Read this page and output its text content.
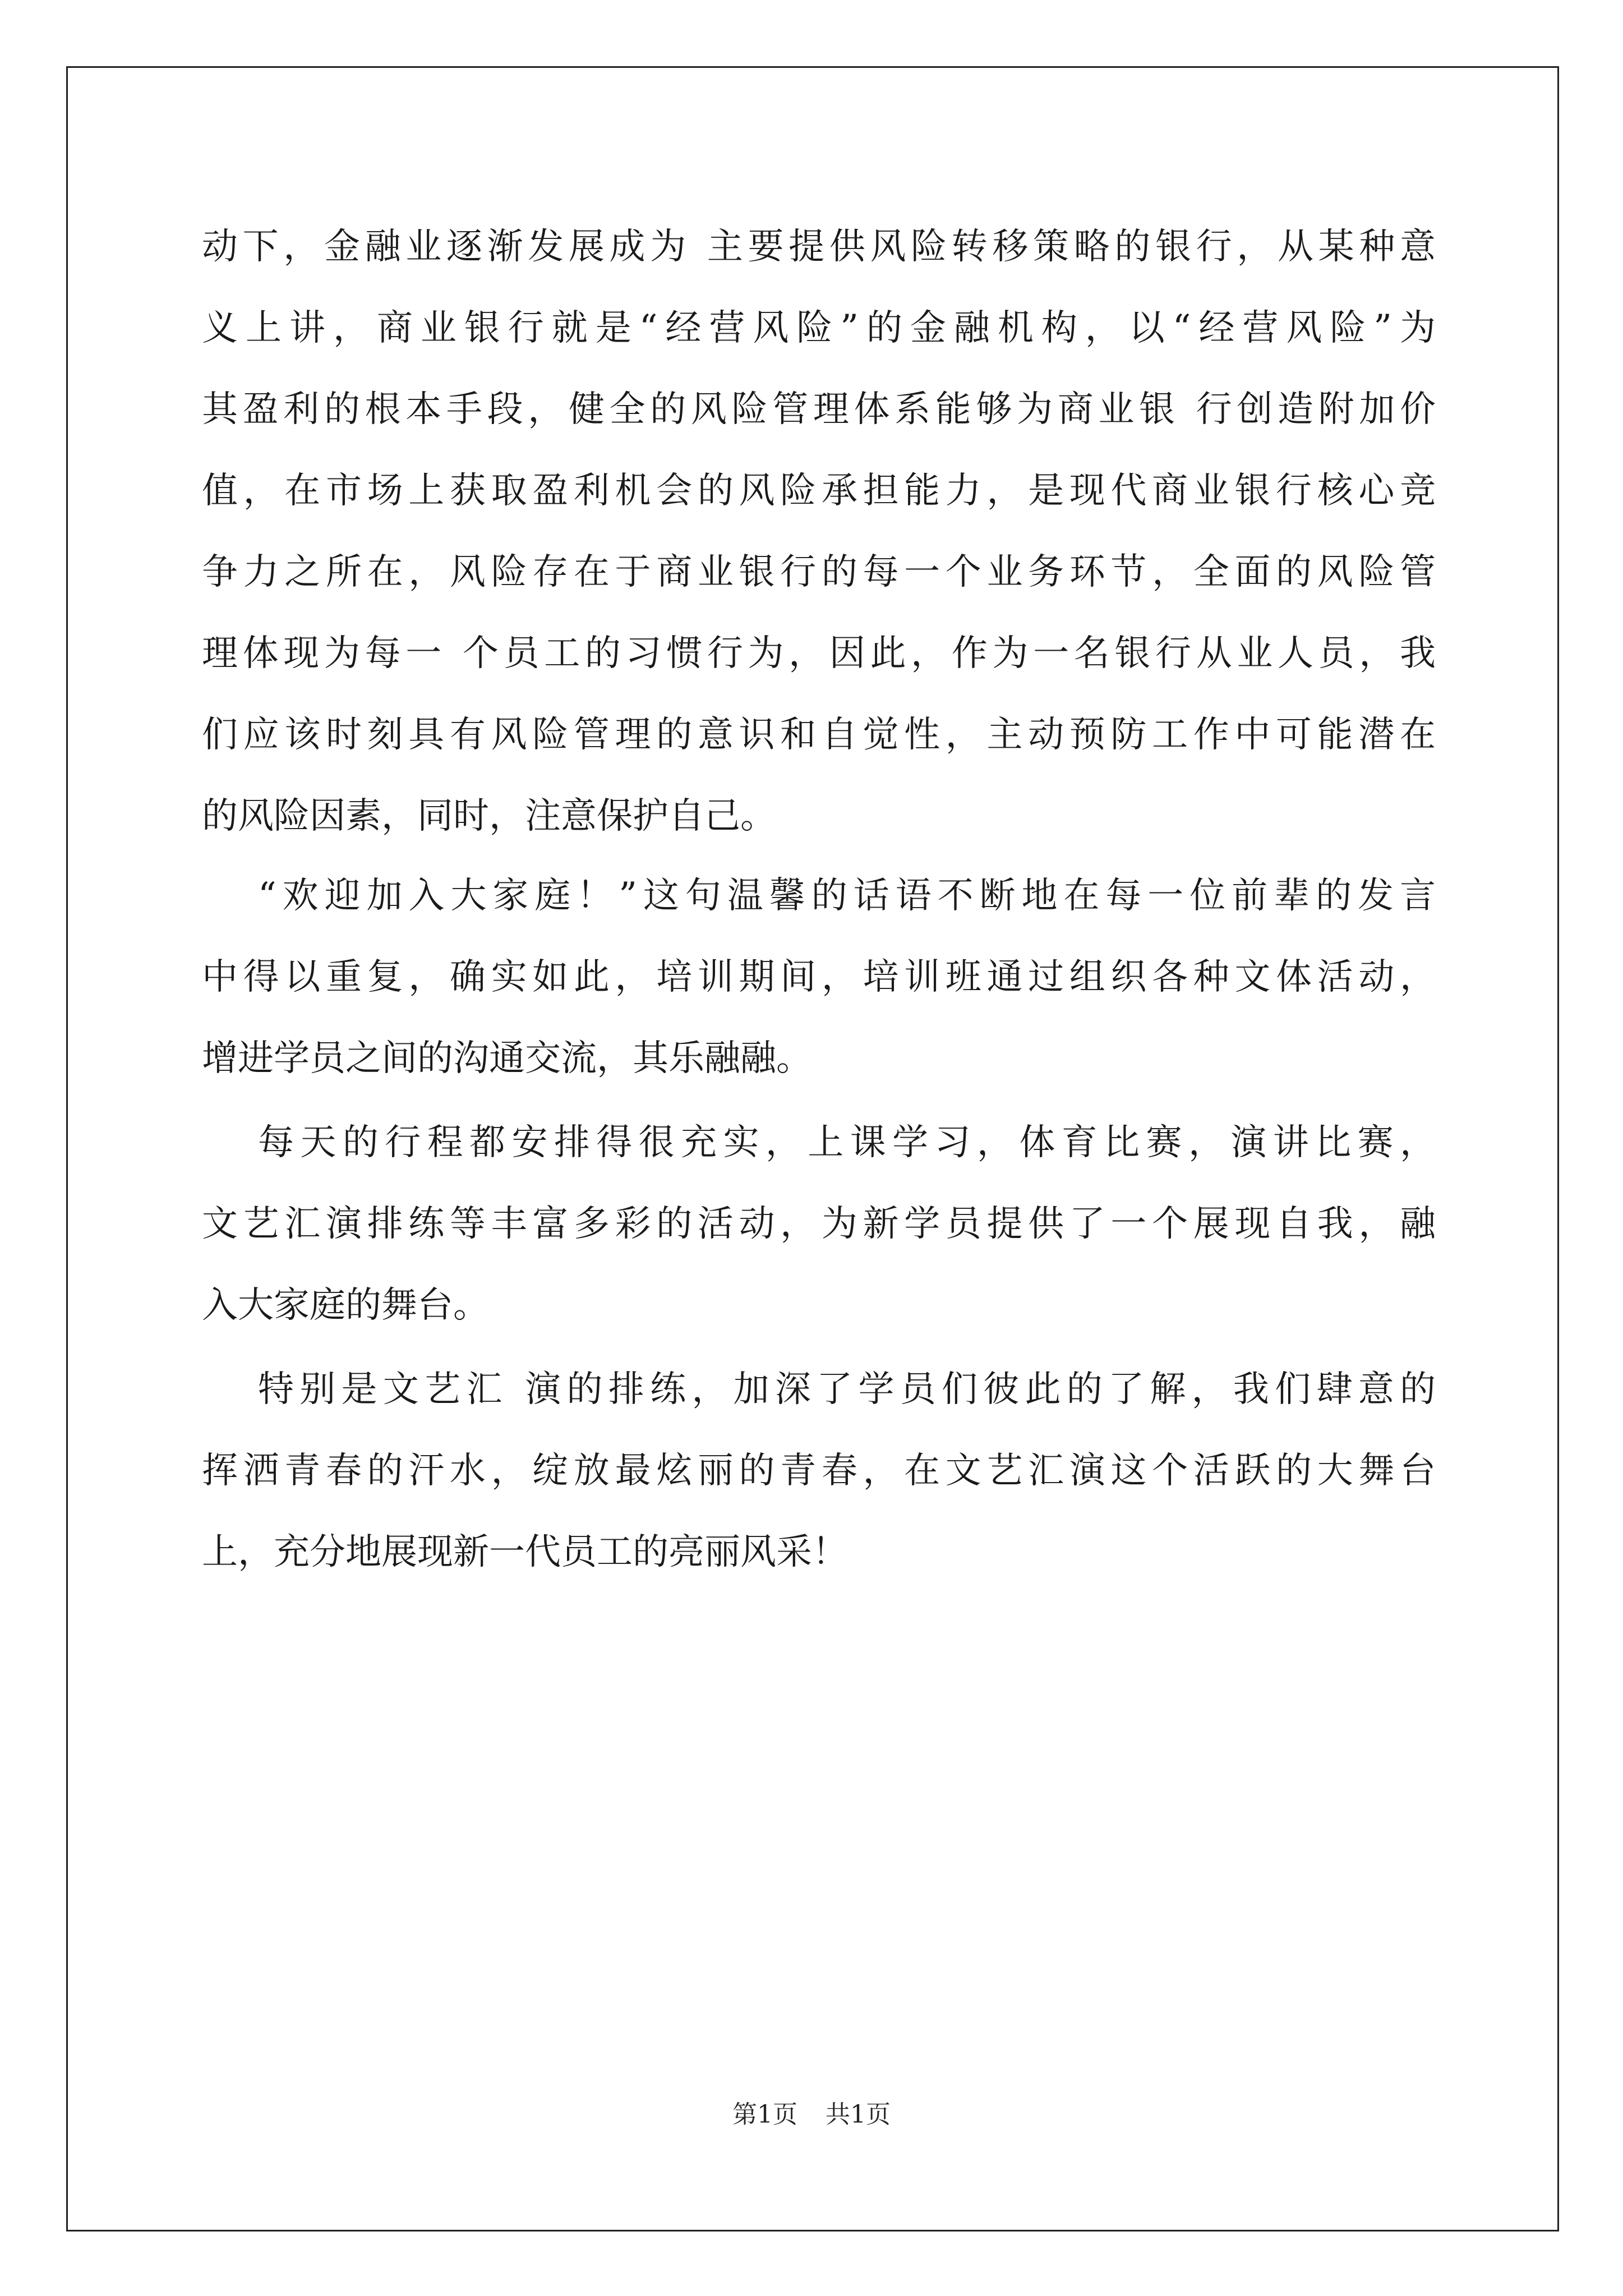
动下，金融业逐渐发展成为 主要提供风险转移策略的银行，从某种意
义上讲，商业银行就是“经营风险”的金融机构，以“经营风险”为
其盈利的根本手段，健全的风险管理体系能够为商业银 行创造附加价
值，在市场上获取盈利机会的风险承担能力，是现代商业银行核心竞
争力之所在，风险存在于商业银行的每一个业务环节，全面的风险管
理体现为每一 个员工的习惯行为，因此，作为一名银行从业人员，我
们应该时刻具有风险管理的意识和自觉性，主动预防工作中可能潜在
的风险因素，同时，注意保护自己。
“欢迎加入大家庭！”这句温馨的话语不断地在每一位前辈的发言
中得以重复，确实如此，培训期间，培训班通过组织各种文体活动，
增进学员之间的沟通交流，其乐融融。
每天的行程都安排得很充实，上课学习，体育比赛，演讲比赛，
文艺汇演排练等丰富多彩的活动，为新学员提供了一个展现自我，融
入大家庭的舞台。
特别是文艺汇 演的排练，加深了学员们彼此的了解，我们肆意的
挥洒青春的汗水，绽放最炫丽的青春，在文艺汇演这个活跃的大舞台
上，充分地展现新一代员工的亮丽风采！
第1页 共1页
